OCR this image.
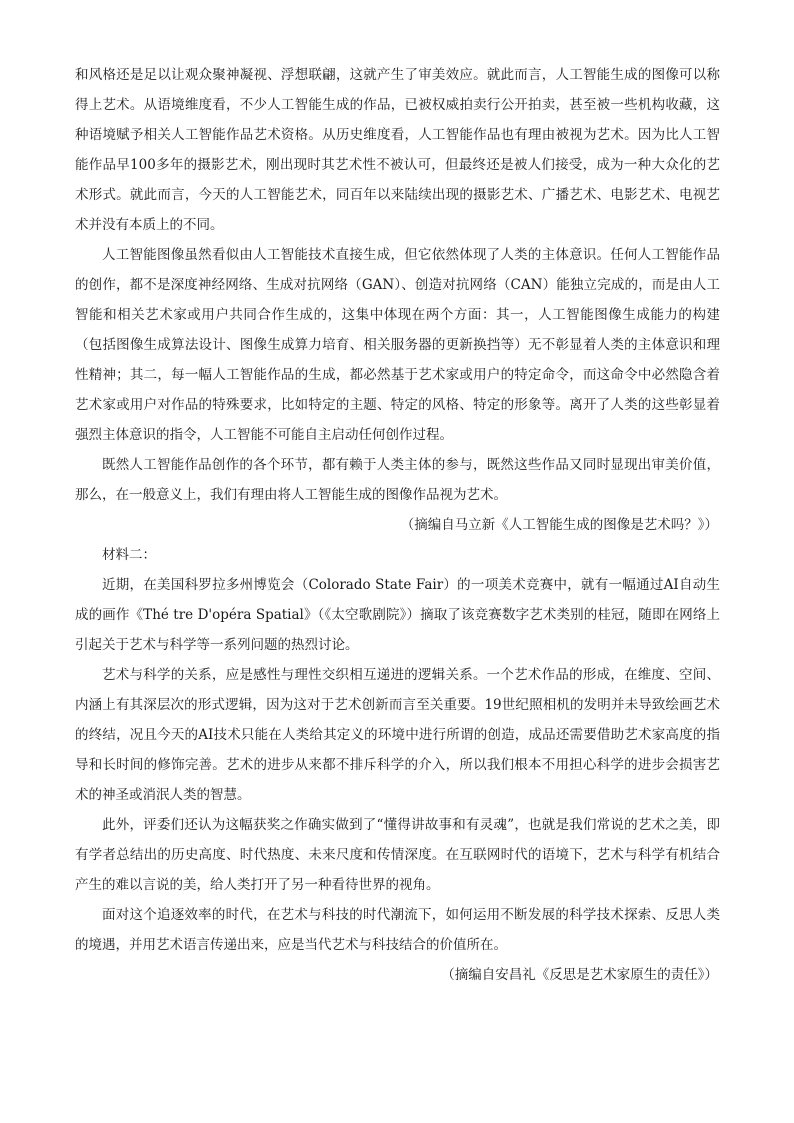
和风格还是足以让观众聚神凝视、浮想联翩，这就产生了审美效应。就此而言，人工智能生成的图像可以称得上艺术。从语境维度看，不少人工智能生成的作品，已被权威拍卖行公开拍卖，甚至被一些机构收藏，这种语境赋予相关人工智能作品艺术资格。从历史维度看，人工智能作品也有理由被视为艺术。因为比人工智能作品早100多年的摄影艺术，刚出现时其艺术性不被认可，但最终还是被人们接受，成为一种大众化的艺术形式。就此而言，今天的人工智能艺术，同百年以来陆续出现的摄影艺术、广播艺术、电影艺术、电视艺术并没有本质上的不同。

人工智能图像虽然看似由人工智能技术直接生成，但它依然体现了人类的主体意识。任何人工智能作品的创作，都不是深度神经网络、生成对抗网络（GAN）、创造对抗网络（CAN）能独立完成的，而是由人工智能和相关艺术家或用户共同合作生成的，这集中体现在两个方面：其一，人工智能图像生成能力的构建（包括图像生成算法设计、图像生成算力培育、相关服务器的更新换挡等）无不彰显着人类的主体意识和理性精神；其二，每一幅人工智能作品的生成，都必然基于艺术家或用户的特定命令，而这命令中必然隐含着艺术家或用户对作品的特殊要求，比如特定的主题、特定的风格、特定的形象等。离开了人类的这些彰显着强烈主体意识的指令，人工智能不可能自主启动任何创作过程。

既然人工智能作品创作的各个环节，都有赖于人类主体的参与，既然这些作品又同时显现出审美价值，那么，在一般意义上，我们有理由将人工智能生成的图像作品视为艺术。

（摘编自马立新《人工智能生成的图像是艺术吗？》）

材料二：

近期，在美国科罗拉多州博览会（Colorado State Fair）的一项美术竞赛中，就有一幅通过AI自动生成的画作《Thé tre D'opéra Spatial》（《太空歌剧院》）摘取了该竞赛数字艺术类别的桂冠，随即在网络上引起关于艺术与科学等一系列问题的热烈讨论。

艺术与科学的关系，应是感性与理性交织相互递进的逻辑关系。一个艺术作品的形成，在维度、空间、内涵上有其深层次的形式逻辑，因为这对于艺术创新而言至关重要。19世纪照相机的发明并未导致绘画艺术的终结，况且今天的AI技术只能在人类给其定义的环境中进行所谓的创造，成品还需要借助艺术家高度的指导和长时间的修饰完善。艺术的进步从来都不排斥科学的介入，所以我们根本不用担心科学的进步会损害艺术的神圣或消泯人类的智慧。

此外，评委们还认为这幅获奖之作确实做到了“懂得讲故事和有灵魂”，也就是我们常说的艺术之美，即有学者总结出的历史高度、时代热度、未来尺度和传情深度。在互联网时代的语境下，艺术与科学有机结合产生的难以言说的美，给人类打开了另一种看待世界的视角。

面对这个追逐效率的时代，在艺术与科技的时代潮流下，如何运用不断发展的科学技术探索、反思人类的境遇，并用艺术语言传递出来，应是当代艺术与科技结合的价值所在。

（摘编自安昌礼《反思是艺术家原生的责任》）
